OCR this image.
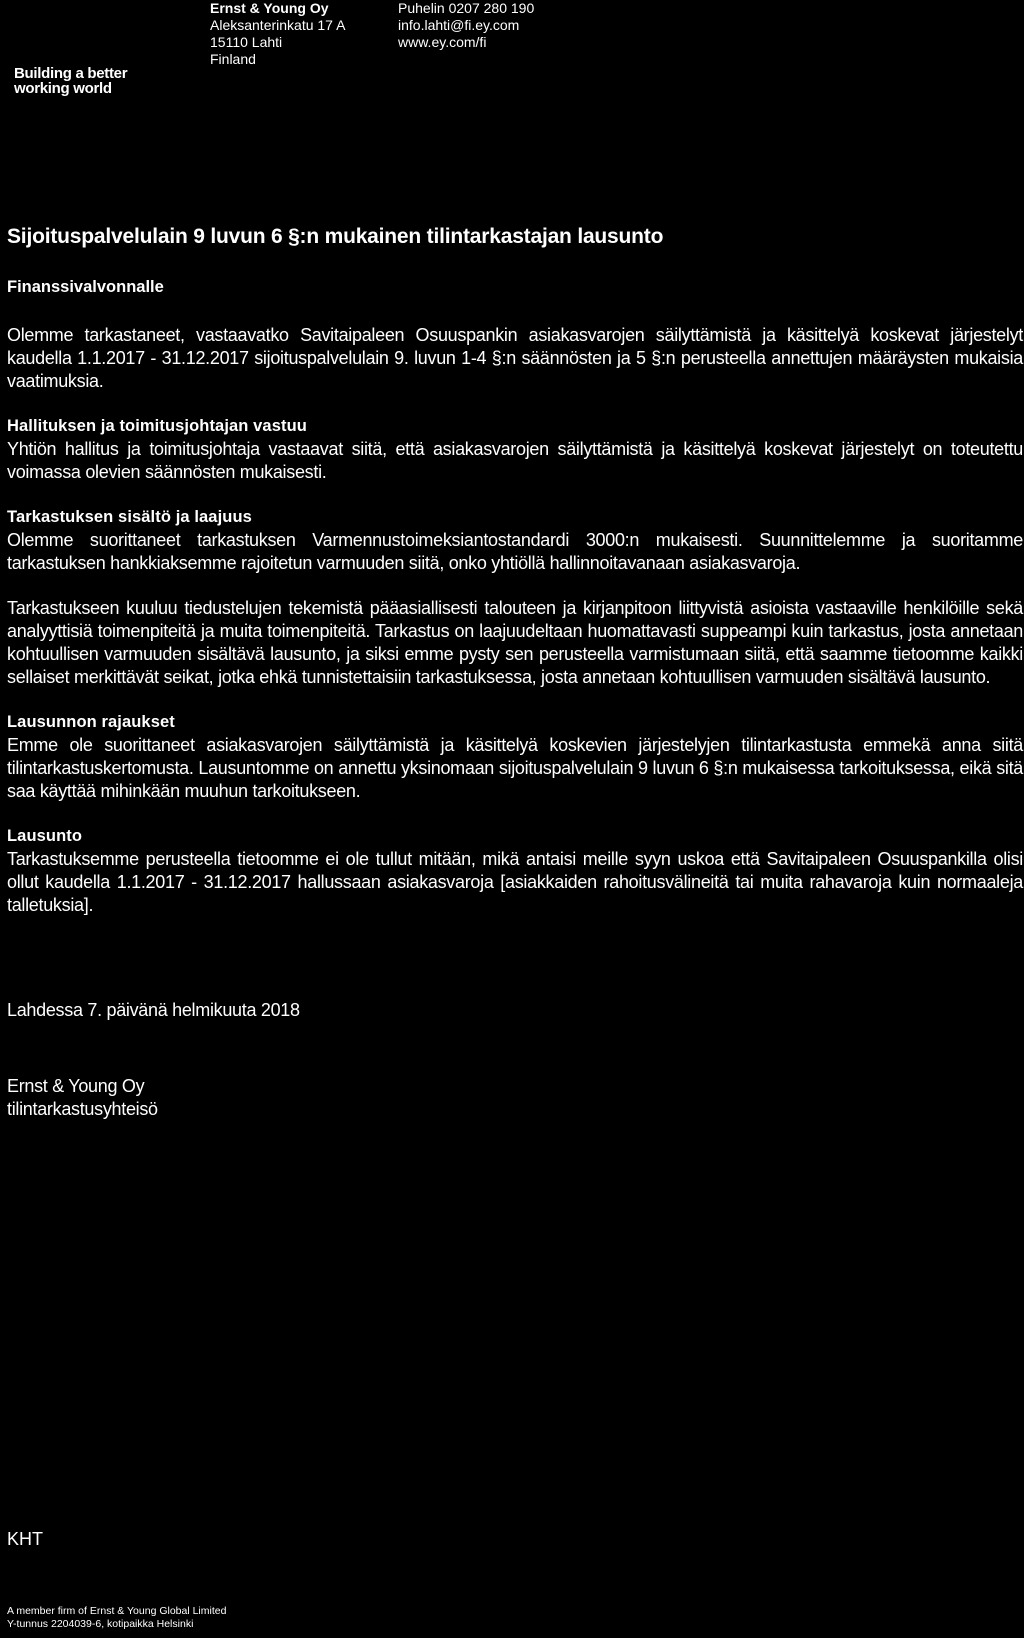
Building a better
working world
Ernst & Young Oy
Aleksanterinkatu 17 A
15110 Lahti
Finland
Puhelin 0207 280 190
info.lahti@fi.ey.com
www.ey.com/fi
Sijoituspalvelulain 9 luvun 6 §:n mukainen tilintarkastajan lausunto
Finanssivalvonnalle

Olemme tarkastaneet, vastaavatko Savitaipaleen Osuuspankin asiakasvarojen säilyttämistä ja käsittelyä koskevat järjestelyt kaudella 1.1.2017 - 31.12.2017 sijoituspalvelulain 9. luvun 1-4 §:n säännösten ja 5 §:n perusteella annettujen määräysten mukaisia vaatimuksia.

Hallituksen ja toimitusjohtajan vastuu

Yhtiön hallitus ja toimitusjohtaja vastaavat siitä, että asiakasvarojen säilyttämistä ja käsittelyä koskevat järjestelyt on toteutettu voimassa olevien säännösten mukaisesti.

Tarkastuksen sisältö ja laajuus

Olemme suorittaneet tarkastuksen Varmennustoimeksiantostandardi 3000:n mukaisesti. Suunnittelemme ja suoritamme tarkastuksen hankkiaksemme rajoitetun varmuuden siitä, onko yhtiöllä hallinnoitavanaan asiakasvaroja.

Tarkastukseen kuuluu tiedustelujen tekemistä pääasiallisesti talouteen ja kirjanpitoon liittyvistä asioista vastaaville henkilöille sekä analyyttisiä toimenpiteitä ja muita toimenpiteitä. Tarkastus on laajuudeltaan huomattavasti suppeampi kuin tarkastus, josta annetaan kohtuullisen varmuuden sisältävä lausunto, ja siksi emme pysty sen perusteella varmistumaan siitä, että saamme tietoomme kaikki sellaiset merkittävät seikat, jotka ehkä tunnistettaisiin tarkastuksessa, josta annetaan kohtuullisen varmuuden sisältävä lausunto.

Lausunnon rajaukset

Emme ole suorittaneet asiakasvarojen säilyttämistä ja käsittelyä koskevien järjestelyjen tilintarkastusta emmekä anna siitä tilintarkastuskertomusta. Lausuntomme on annettu yksinomaan sijoituspalvelulain 9 luvun 6 §:n mukaisessa tarkoituksessa, eikä sitä saa käyttää mihinkään muuhun tarkoitukseen.

Lausunto

Tarkastuksemme perusteella tietoomme ei ole tullut mitään, mikä antaisi meille syyn uskoa että Savitaipaleen Osuuspankilla olisi ollut kaudella 1.1.2017 - 31.12.2017 hallussaan asiakasvaroja [asiakkaiden rahoitusvälineitä tai muita rahavaroja kuin normaaleja talletuksia].

Lahdessa 7. päivänä helmikuuta 2018
Ernst & Young Oy
tilintarkastusyhteisö
KHT
A member firm of Ernst & Young Global Limited
Y-tunnus 2204039-6, kotipaikka Helsinki
